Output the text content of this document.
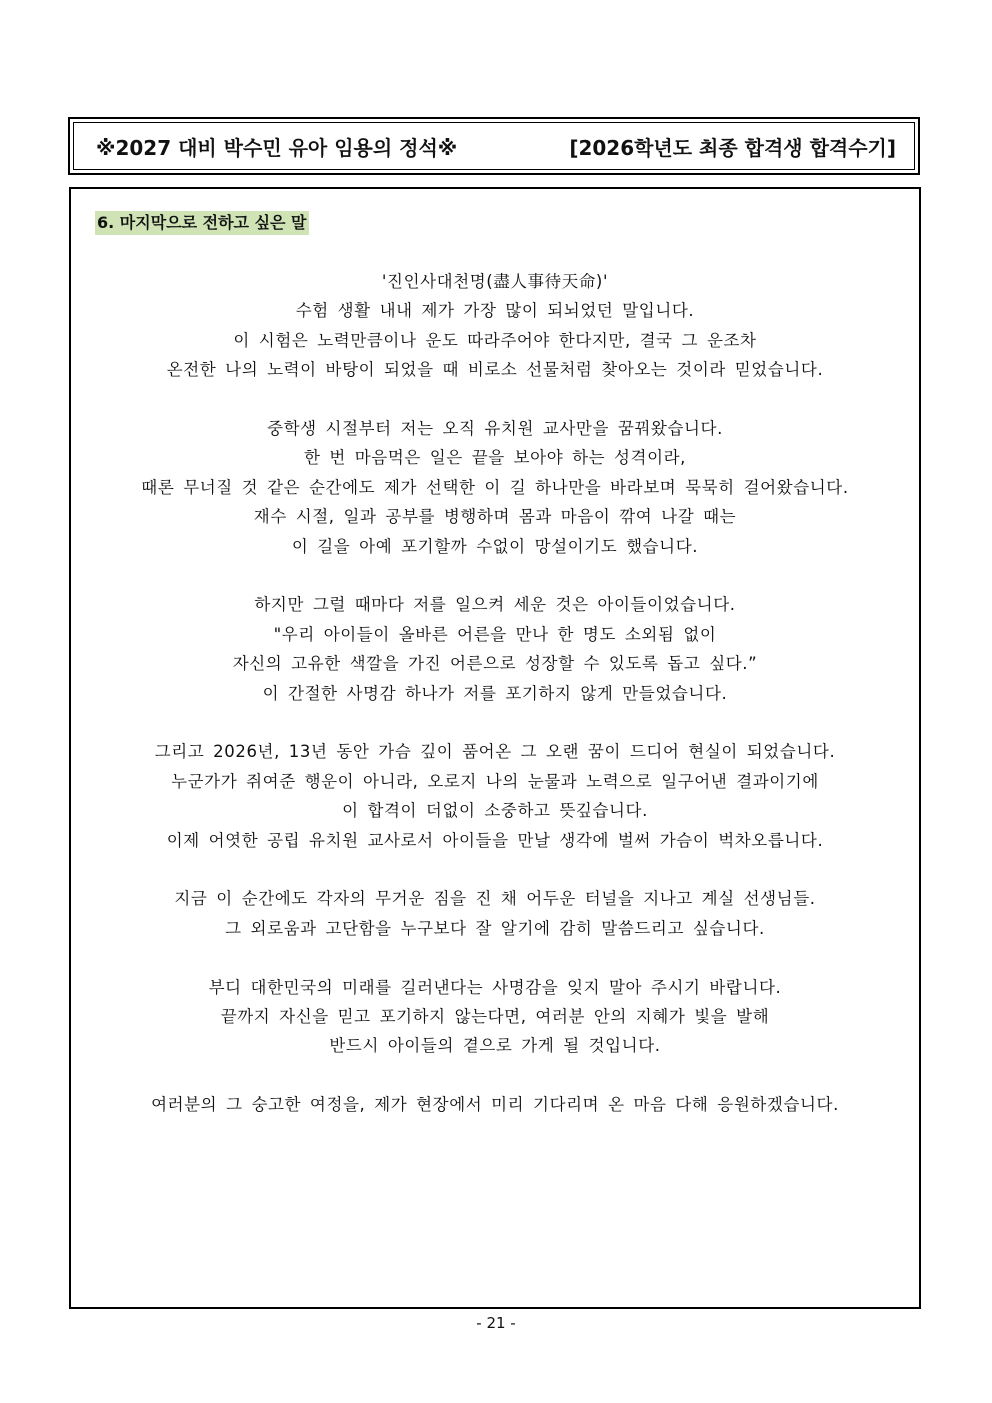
※2027 대비 박수민 유아 임용의 정석※	[2026학년도 최종 합격생 합격수기]
6. 마지막으로 전하고 싶은 말
'진인사대천명(盡人事待天命)'
수험 생활 내내 제가 가장 많이 되뇌었던 말입니다.
이 시험은 노력만큼이나 운도 따라주어야 한다지만, 결국 그 운조차
온전한 나의 노력이 바탕이 되었을 때 비로소 선물처럼 찾아오는 것이라 믿었습니다.
중학생 시절부터 저는 오직 유치원 교사만을 꿈꿔왔습니다.
한 번 마음먹은 일은 끝을 보아야 하는 성격이라,
때론 무너질 것 같은 순간에도 제가 선택한 이 길 하나만을 바라보며 묵묵히 걸어왔습니다.
재수 시절, 일과 공부를 병행하며 몸과 마음이 깎여 나갈 때는
이 길을 아예 포기할까 수없이 망설이기도 했습니다.
하지만 그럴 때마다 저를 일으켜 세운 것은 아이들이었습니다.
"우리 아이들이 올바른 어른을 만나 한 명도 소외됨 없이
자신의 고유한 색깔을 가진 어른으로 성장할 수 있도록 돕고 싶다.”
이 간절한 사명감 하나가 저를 포기하지 않게 만들었습니다.
그리고 2026년, 13년 동안 가슴 깊이 품어온 그 오랜 꿈이 드디어 현실이 되었습니다.
누군가가 쥐여준 행운이 아니라, 오로지 나의 눈물과 노력으로 일구어낸 결과이기에
이 합격이 더없이 소중하고 뜻깊습니다.
이제 어엿한 공립 유치원 교사로서 아이들을 만날 생각에 벌써 가슴이 벅차오릅니다.
지금 이 순간에도 각자의 무거운 짐을 진 채 어두운 터널을 지나고 계실 선생님들.
그 외로움과 고단함을 누구보다 잘 알기에 감히 말씀드리고 싶습니다.
부디 대한민국의 미래를 길러낸다는 사명감을 잊지 말아 주시기 바랍니다.
끝까지 자신을 믿고 포기하지 않는다면, 여러분 안의 지혜가 빛을 발해
반드시 아이들의 곁으로 가게 될 것입니다.
여러분의 그 숭고한 여정을, 제가 현장에서 미리 기다리며 온 마음 다해 응원하겠습니다.
- 21 -
